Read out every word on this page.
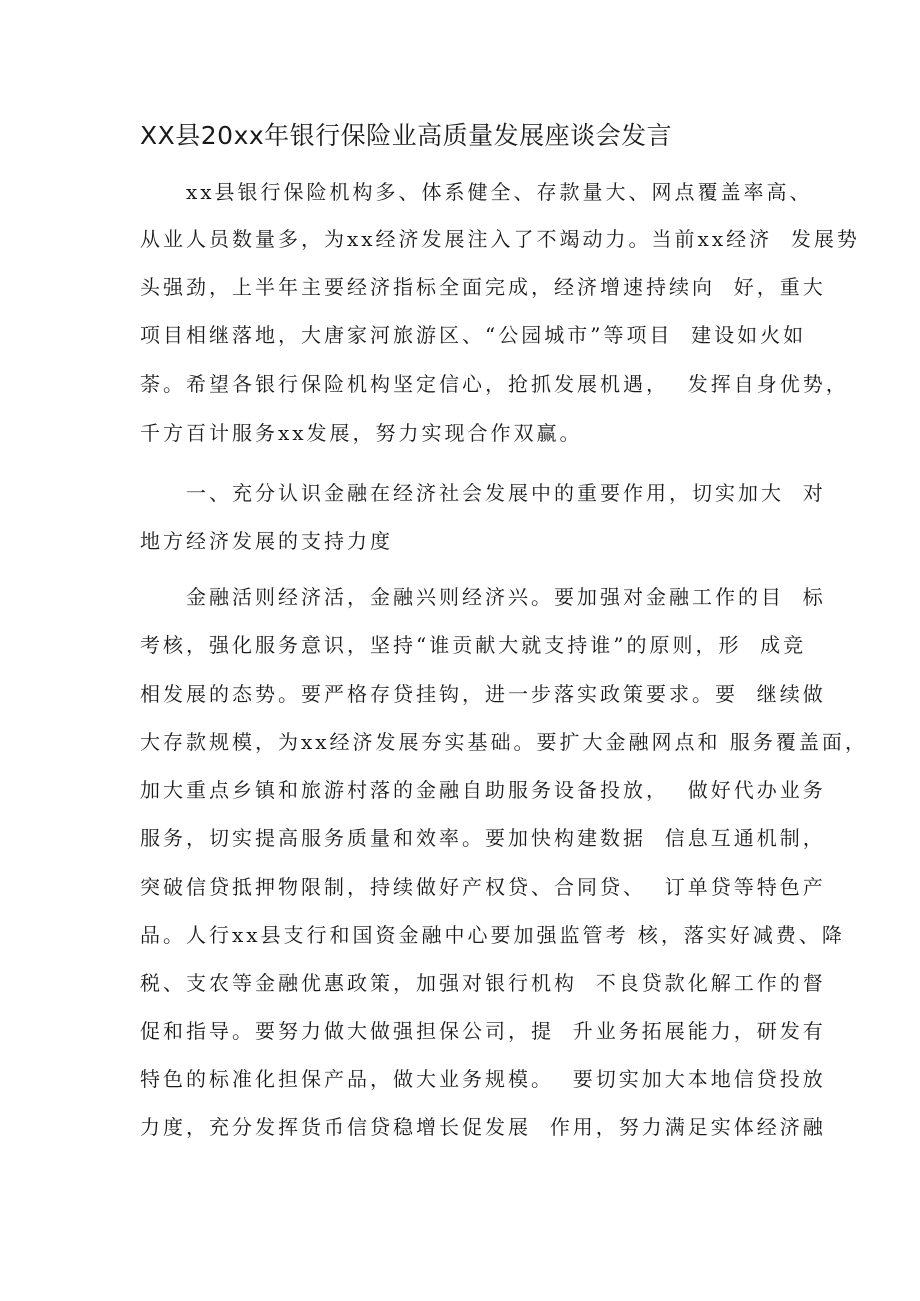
XX县20xx年银行保险业高质量发展座谈会发言
xx县银行保险机构多、体系健全、存款量大、网点覆盖率高、
从业人员数量多，为xx经济发展注入了不竭动力。当前xx经济  发展势
头强劲，上半年主要经济指标全面完成，经济增速持续向  好，重大
项目相继落地，大唐家河旅游区、“公园城市”等项目  建设如火如
荼。希望各银行保险机构坚定信心，抢抓发展机遇，  发挥自身优势，
千方百计服务xx发展，努力实现合作双赢。
一、充分认识金融在经济社会发展中的重要作用，切实加大  对
地方经济发展的支持力度
金融活则经济活，金融兴则经济兴。要加强对金融工作的目  标
考核，强化服务意识，坚持“谁贡献大就支持谁”的原则，形  成竞
相发展的态势。要严格存贷挂钩，进一步落实政策要求。要  继续做
大存款规模，为xx经济发展夯实基础。要扩大金融网点和 服务覆盖面，
加大重点乡镇和旅游村落的金融自助服务设备投放，  做好代办业务
服务，切实提高服务质量和效率。要加快构建数据  信息互通机制，
突破信贷抵押物限制，持续做好产权贷、合同贷、  订单贷等特色产
品。人行xx县支行和国资金融中心要加强监管考 核，落实好减费、降
税、支农等金融优惠政策，加强对银行机构  不良贷款化解工作的督
促和指导。要努力做大做强担保公司，提  升业务拓展能力，研发有
特色的标准化担保产品，做大业务规模。  要切实加大本地信贷投放
力度，充分发挥货币信贷稳增长促发展  作用，努力满足实体经济融
